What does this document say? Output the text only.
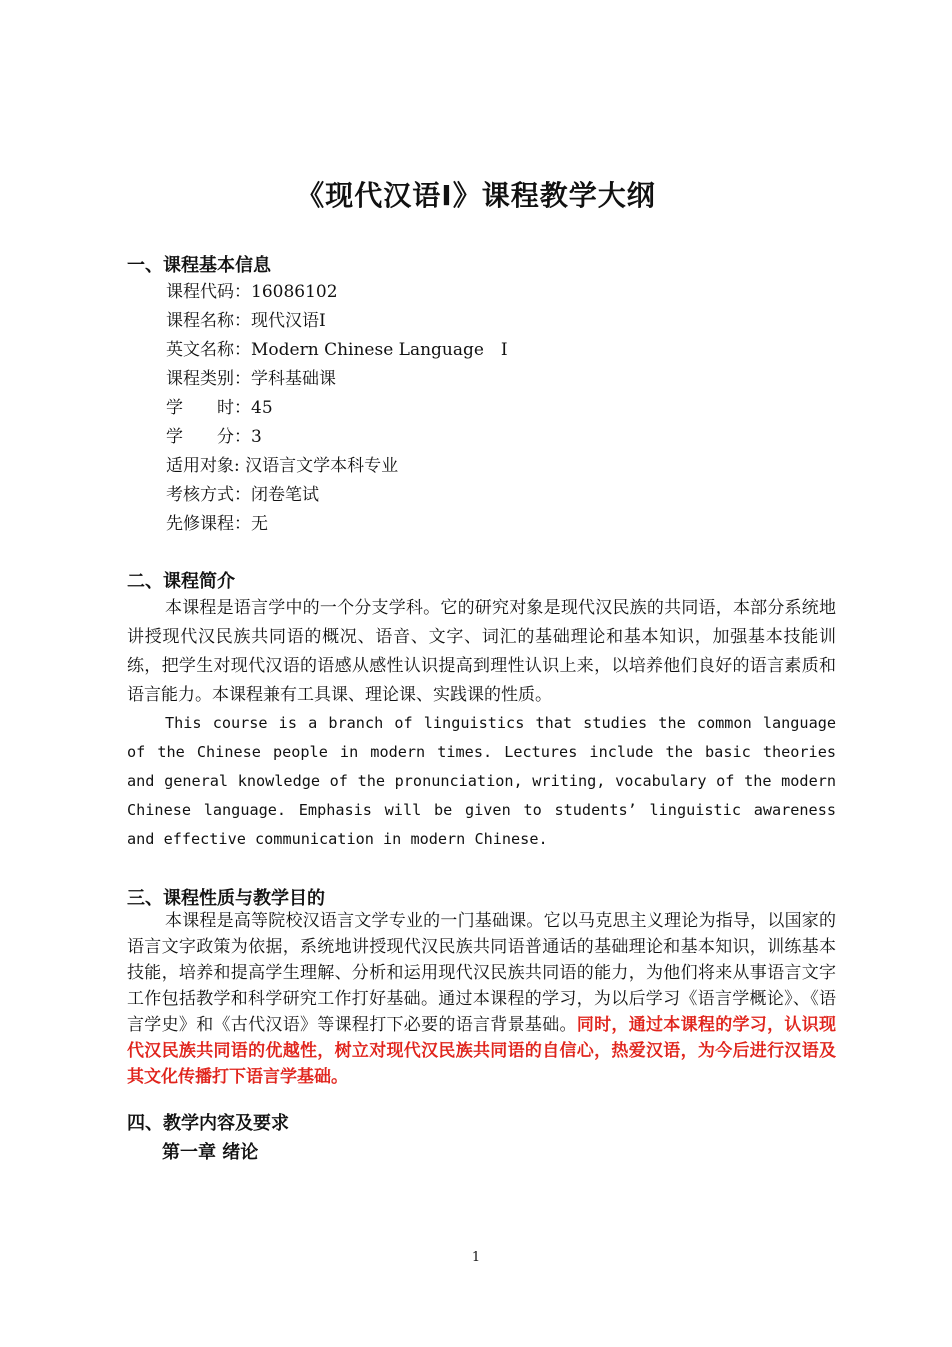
《现代汉语Ⅰ》课程教学大纲
一、课程基本信息
课程代码：16086102
课程名称：现代汉语Ⅰ
英文名称：Modern Chinese Language　Ⅰ
课程类别：学科基础课
学　　时：45
学　　分：3
适用对象: 汉语言文学本科专业
考核方式：闭卷笔试
先修课程：无
二、课程简介

本课程是语言学中的一个分支学科。它的研究对象是现代汉民族的共同语，本部分系统地讲授现代汉民族共同语的概况、语音、文字、词汇的基础理论和基本知识，加强基本技能训练，把学生对现代汉语的语感从感性认识提高到理性认识上来，以培养他们良好的语言素质和语言能力。本课程兼有工具课、理论课、实践课的性质。

This course is a branch of linguistics that studies the common language of the Chinese people in modern times. Lectures include the basic theories and general knowledge of the pronunciation, writing, vocabulary of the modern Chinese language. Emphasis will be given to students’ linguistic awareness and effective communication in modern Chinese.

三、课程性质与教学目的

本课程是高等院校汉语言文学专业的一门基础课。它以马克思主义理论为指导，以国家的语言文字政策为依据，系统地讲授现代汉民族共同语普通话的基础理论和基本知识，训练基本技能，培养和提高学生理解、分析和运用现代汉民族共同语的能力，为他们将来从事语言文字工作包括教学和科学研究工作打好基础。通过本课程的学习，为以后学习《语言学概论》、《语言学史》和《古代汉语》等课程打下必要的语言背景基础。同时，通过本课程的学习，认识现代汉民族共同语的优越性，树立对现代汉民族共同语的自信心，热爱汉语，为今后进行汉语及其文化传播打下语言学基础。

四、教学内容及要求
第一章 绪论
1
